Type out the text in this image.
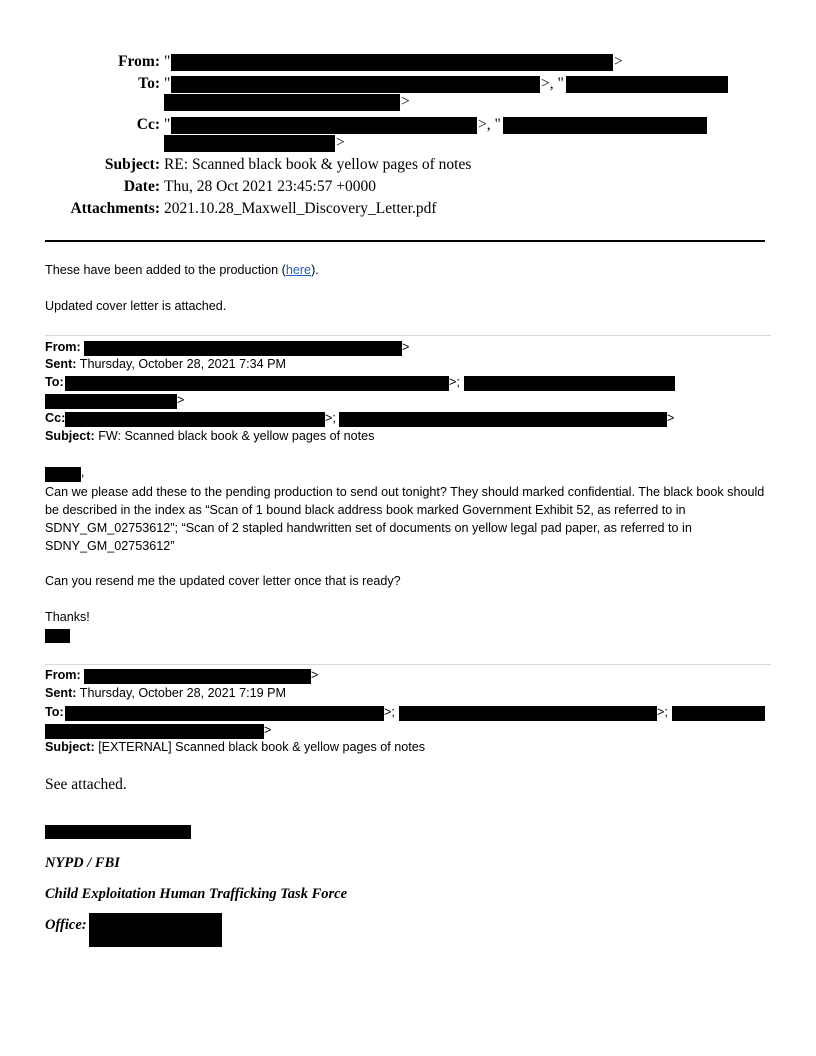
From: "	>
To: "	>, "
>
Cc: "	>, "
>
Subject: RE: Scanned black book & yellow pages of notes
Date: Thu, 28 Oct 2021 23:45:57 +0000
Attachments: 2021.10.28_Maxwell_Discovery_Letter.pdf
These have been added to the production (here).
Updated cover letter is attached.
From:	>
Sent: Thursday, October 28, 2021 7:34 PM
To:	>;
>
Cc:	>;	>
Subject: FW: Scanned black book & yellow pages of notes
,
Can we please add these to the pending production to send out tonight? They should marked confidential. The black book should be described in the index as “Scan of 1 bound black address book marked Government Exhibit 52, as referred to in SDNY_GM_02753612”; “Scan of 2 stapled handwritten set of documents on yellow legal pad paper, as referred to in SDNY_GM_02753612”
Can you resend me the updated cover letter once that is ready?
Thanks!
From:	>
Sent: Thursday, October 28, 2021 7:19 PM
To:	>;	>;
>
Subject: [EXTERNAL] Scanned black book & yellow pages of notes
See attached.
NYPD / FBI
Child Exploitation Human Trafficking Task Force
Office:
